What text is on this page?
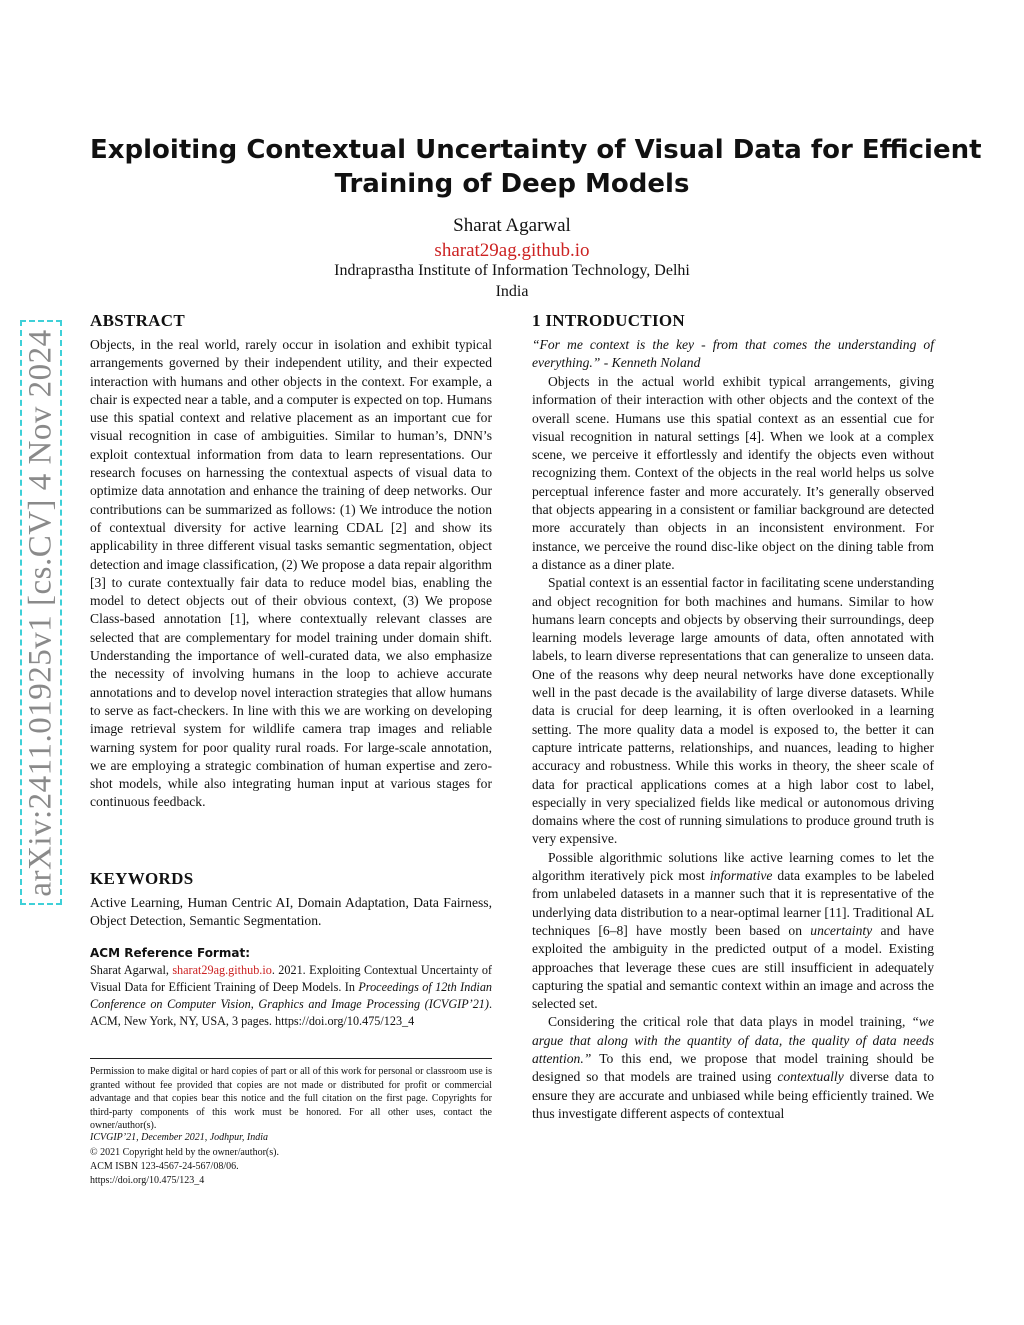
arXiv:2411.01925v1 [cs.CV] 4 Nov 2024
Exploiting Contextual Uncertainty of Visual Data for Efficient
Training of Deep Models
Sharat Agarwal
sharat29ag.github.io
Indraprastha Institute of Information Technology, Delhi
India
ABSTRACT

Objects, in the real world, rarely occur in isolation and exhibit typical arrangements governed by their independent utility, and their expected interaction with humans and other objects in the context. For example, a chair is expected near a table, and a computer is expected on top. Humans use this spatial context and relative placement as an important cue for visual recognition in case of ambiguities. Similar to human’s, DNN’s exploit contextual information from data to learn representations. Our research focuses on harnessing the contextual aspects of visual data to optimize data annotation and enhance the training of deep networks. Our contributions can be summarized as follows: (1) We introduce the notion of contextual diversity for active learning CDAL [2] and show its applicability in three different visual tasks semantic segmentation, object detection and image classification, (2) We propose a data repair algorithm [3] to curate contextually fair data to reduce model bias, enabling the model to detect objects out of their obvious context, (3) We propose Class-based annotation [1], where contextually relevant classes are selected that are complementary for model training under domain shift. Understanding the importance of well-curated data, we also emphasize the necessity of involving humans in the loop to achieve accurate annotations and to develop novel interaction strategies that allow humans to serve as fact-checkers. In line with this we are working on developing image retrieval system for wildlife camera trap images and reliable warning system for poor quality rural roads. For large-scale annotation, we are employing a strategic combination of human expertise and zero-shot models, while also integrating human input at various stages for continuous feedback.

KEYWORDS

Active Learning, Human Centric AI, Domain Adaptation, Data Fairness, Object Detection, Semantic Segmentation.

ACM Reference Format:

Sharat Agarwal, sharat29ag.github.io. 2021. Exploiting Contextual Uncertainty of Visual Data for Efficient Training of Deep Models. In Proceedings of 12th Indian Conference on Computer Vision, Graphics and Image Processing (ICVGIP’21). ACM, New York, NY, USA, 3 pages. https://doi.org/10.475/123_4

Permission to make digital or hard copies of part or all of this work for personal or classroom use is granted without fee provided that copies are not made or distributed for profit or commercial advantage and that copies bear this notice and the full citation on the first page. Copyrights for third-party components of this work must be honored. For all other uses, contact the owner/author(s).

ICVGIP’21, December 2021, Jodhpur, India
© 2021 Copyright held by the owner/author(s).
ACM ISBN 123-4567-24-567/08/06.
https://doi.org/10.475/123_4
1 INTRODUCTION

“For me context is the key - from that comes the understanding of everything.” - Kenneth Noland

Objects in the actual world exhibit typical arrangements, giving information of their interaction with other objects and the context of the overall scene. Humans use this spatial context as an essential cue for visual recognition in natural settings [4]. When we look at a complex scene, we perceive it effortlessly and identify the objects even without recognizing them. Context of the objects in the real world helps us solve perceptual inference faster and more accurately. It’s generally observed that objects appearing in a consistent or familiar background are detected more accurately than objects in an inconsistent environment. For instance, we perceive the round disc-like object on the dining table from a distance as a diner plate.

Spatial context is an essential factor in facilitating scene understanding and object recognition for both machines and humans. Similar to how humans learn concepts and objects by observing their surroundings, deep learning models leverage large amounts of data, often annotated with labels, to learn diverse representations that can generalize to unseen data. One of the reasons why deep neural networks have done exceptionally well in the past decade is the availability of large diverse datasets. While data is crucial for deep learning, it is often overlooked in a learning setting. The more quality data a model is exposed to, the better it can capture intricate patterns, relationships, and nuances, leading to higher accuracy and robustness. While this works in theory, the sheer scale of data for practical applications comes at a high labor cost to label, especially in very specialized fields like medical or autonomous driving domains where the cost of running simulations to produce ground truth is very expensive.

Possible algorithmic solutions like active learning comes to let the algorithm iteratively pick most informative data examples to be labeled from unlabeled datasets in a manner such that it is representative of the underlying data distribution to a near-optimal learner [11]. Traditional AL techniques [6–8] have mostly been based on uncertainty and have exploited the ambiguity in the predicted output of a model. Existing approaches that leverage these cues are still insufficient in adequately capturing the spatial and semantic context within an image and across the selected set.

Considering the critical role that data plays in model training, “we argue that along with the quantity of data, the quality of data needs attention.” To this end, we propose that model training should be designed so that models are trained using contextually diverse data to ensure they are accurate and unbiased while being efficiently trained. We thus investigate different aspects of contextual
